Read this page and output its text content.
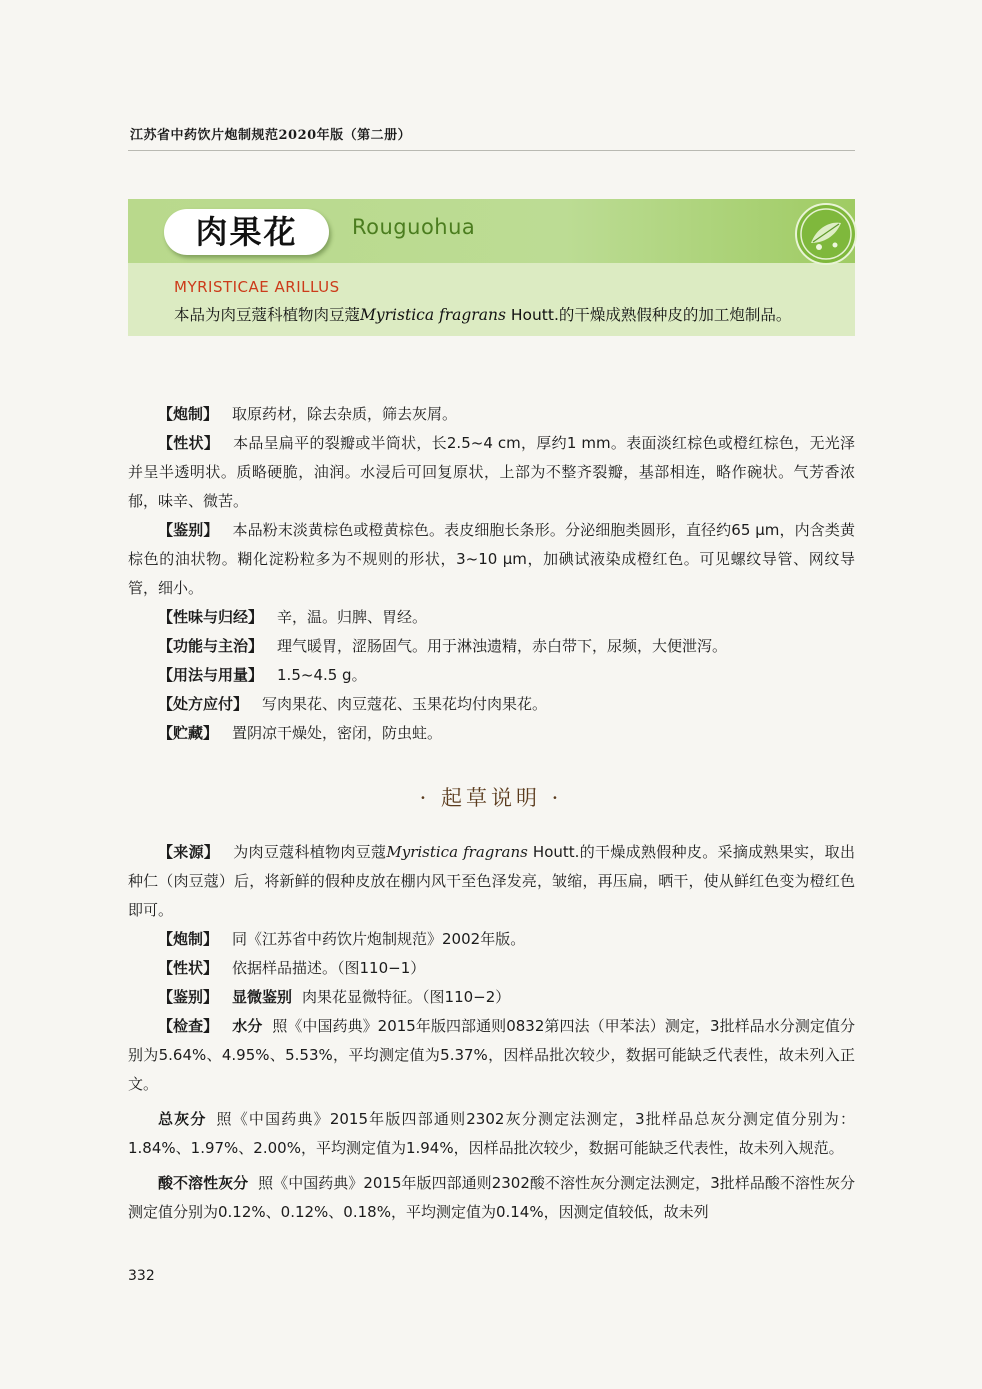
江苏省中药饮片炮制规范2020年版（第二册）
肉果花	Rouguohua
MYRISTICAE ARILLUS
本品为肉豆蔻科植物肉豆蔻Myristica fragrans Houtt.的干燥成熟假种皮的加工炮制品。

【炮制】 取原药材，除去杂质，筛去灰屑。

【性状】 本品呈扁平的裂瓣或半筒状，长2.5~4 cm，厚约1 mm。表面淡红棕色或橙红棕色，无光泽并呈半透明状。质略硬脆，油润。水浸后可回复原状，上部为不整齐裂瓣，基部相连，略作碗状。气芳香浓郁，味辛、微苦。

【鉴别】 本品粉末淡黄棕色或橙黄棕色。表皮细胞长条形。分泌细胞类圆形，直径约65 μm，内含类黄棕色的油状物。糊化淀粉粒多为不规则的形状，3~10 μm，加碘试液染成橙红色。可见螺纹导管、网纹导管，细小。

【性味与归经】 辛，温。归脾、胃经。

【功能与主治】 理气暖胃，涩肠固气。用于淋浊遗精，赤白带下，尿频，大便泄泻。

【用法与用量】 1.5~4.5 g。

【处方应付】 写肉果花、肉豆蔻花、玉果花均付肉果花。

【贮藏】 置阴凉干燥处，密闭，防虫蛀。

· 起草说明 ·

【来源】 为肉豆蔻科植物肉豆蔻Myristica fragrans Houtt.的干燥成熟假种皮。采摘成熟果实，取出种仁（肉豆蔻）后，将新鲜的假种皮放在棚内风干至色泽发亮，皱缩，再压扁，晒干，使从鲜红色变为橙红色即可。

【炮制】 同《江苏省中药饮片炮制规范》2002年版。

【性状】 依据样品描述。（图110−1）

【鉴别】 显微鉴别 肉果花显微特征。（图110−2）

【检查】 水分 照《中国药典》2015年版四部通则0832第四法（甲苯法）测定，3批样品水分测定值分别为5.64%、4.95%、5.53%，平均测定值为5.37%，因样品批次较少，数据可能缺乏代表性，故未列入正文。

总灰分 照《中国药典》2015年版四部通则2302灰分测定法测定，3批样品总灰分测定值分别为：1.84%、1.97%、2.00%，平均测定值为1.94%，因样品批次较少，数据可能缺乏代表性，故未列入规范。

酸不溶性灰分 照《中国药典》2015年版四部通则2302酸不溶性灰分测定法测定，3批样品酸不溶性灰分测定值分别为0.12%、0.12%、0.18%，平均测定值为0.14%，因测定值较低，故未列

332
